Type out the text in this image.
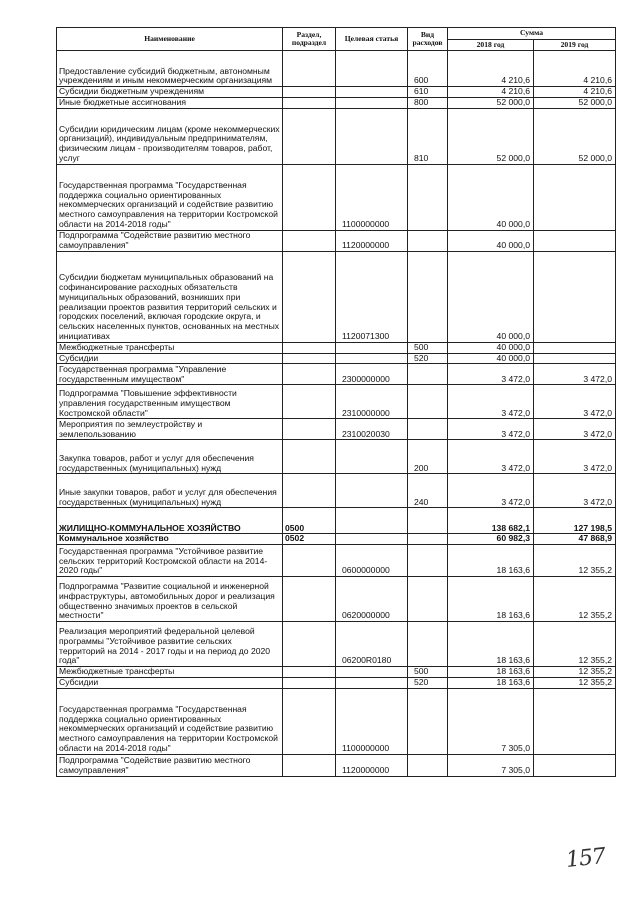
Наименование	Раздел, подраздел	Целевая статья	Вид расходов	Сумма	
				2018 год	2019 год
Предоставление субсидий бюджетным, автономным учреждениям и иным некоммерческим организациям			600	4 210,6	4 210,6
Субсидии бюджетным учреждениям			610	4 210,6	4 210,6
Иные бюджетные ассигнования			800	52 000,0	52 000,0
Субсидии юридическим лицам (кроме некоммерческих организаций), индивидуальным предпринимателям, физическим лицам - производителям товаров, работ, услуг			810	52 000,0	52 000,0
Государственная программа "Государственная поддержка социально ориентированных некоммерческих организаций и содействие развитию местного самоуправления на территории Костромской области на 2014-2018 годы"		1100000000		40 000,0	
Подпрограмма "Содействие развитию местного самоуправления"		1120000000		40 000,0	
Субсидии бюджетам муниципальных образований на софинансирование расходных обязательств муниципальных образований, возникших при реализации проектов развития территорий сельских и городских поселений, включая городские округа, и сельских населенных пунктов, основанных на местных инициативах		1120071300		40 000,0	
Межбюджетные трансферты			500	40 000,0	
Субсидии			520	40 000,0	
Государственная программа "Управление государственным имуществом"		2300000000		3 472,0	3 472,0
Подпрограмма "Повышение эффективности управления государственным имуществом Костромской области"		2310000000		3 472,0	3 472,0
Мероприятия по землеустройству и землепользованию		2310020030		3 472,0	3 472,0
Закупка товаров, работ и услуг для обеспечения государственных (муниципальных) нужд			200	3 472,0	3 472,0
Иные закупки товаров, работ и услуг для обеспечения государственных (муниципальных) нужд			240	3 472,0	3 472,0
ЖИЛИЩНО-КОММУНАЛЬНОЕ ХОЗЯЙСТВО	0500			138 682,1	127 198,5
Коммунальное хозяйство	0502			60 982,3	47 868,9
Государственная программа "Устойчивое развитие сельских территорий Костромской области на 2014-2020 годы"		0600000000		18 163,6	12 355,2
Подпрограмма "Развитие социальной и инженерной инфраструктуры, автомобильных дорог и реализация общественно значимых проектов в сельской местности"		0620000000		18 163,6	12 355,2
Реализация мероприятий федеральной целевой программы "Устойчивое развитие сельских территорий на 2014 - 2017 годы и на период до 2020 года"		06200R0180		18 163,6	12 355,2
Межбюджетные трансферты			500	18 163,6	12 355,2
Субсидии			520	18 163,6	12 355,2
Государственная программа "Государственная поддержка социально ориентированных некоммерческих организаций и содействие развитию местного самоуправления на территории Костромской области на 2014-2018 годы"		1100000000		7 305,0	
Подпрограмма "Содействие развитию местного самоуправления"		1120000000		7 305,0	
157
